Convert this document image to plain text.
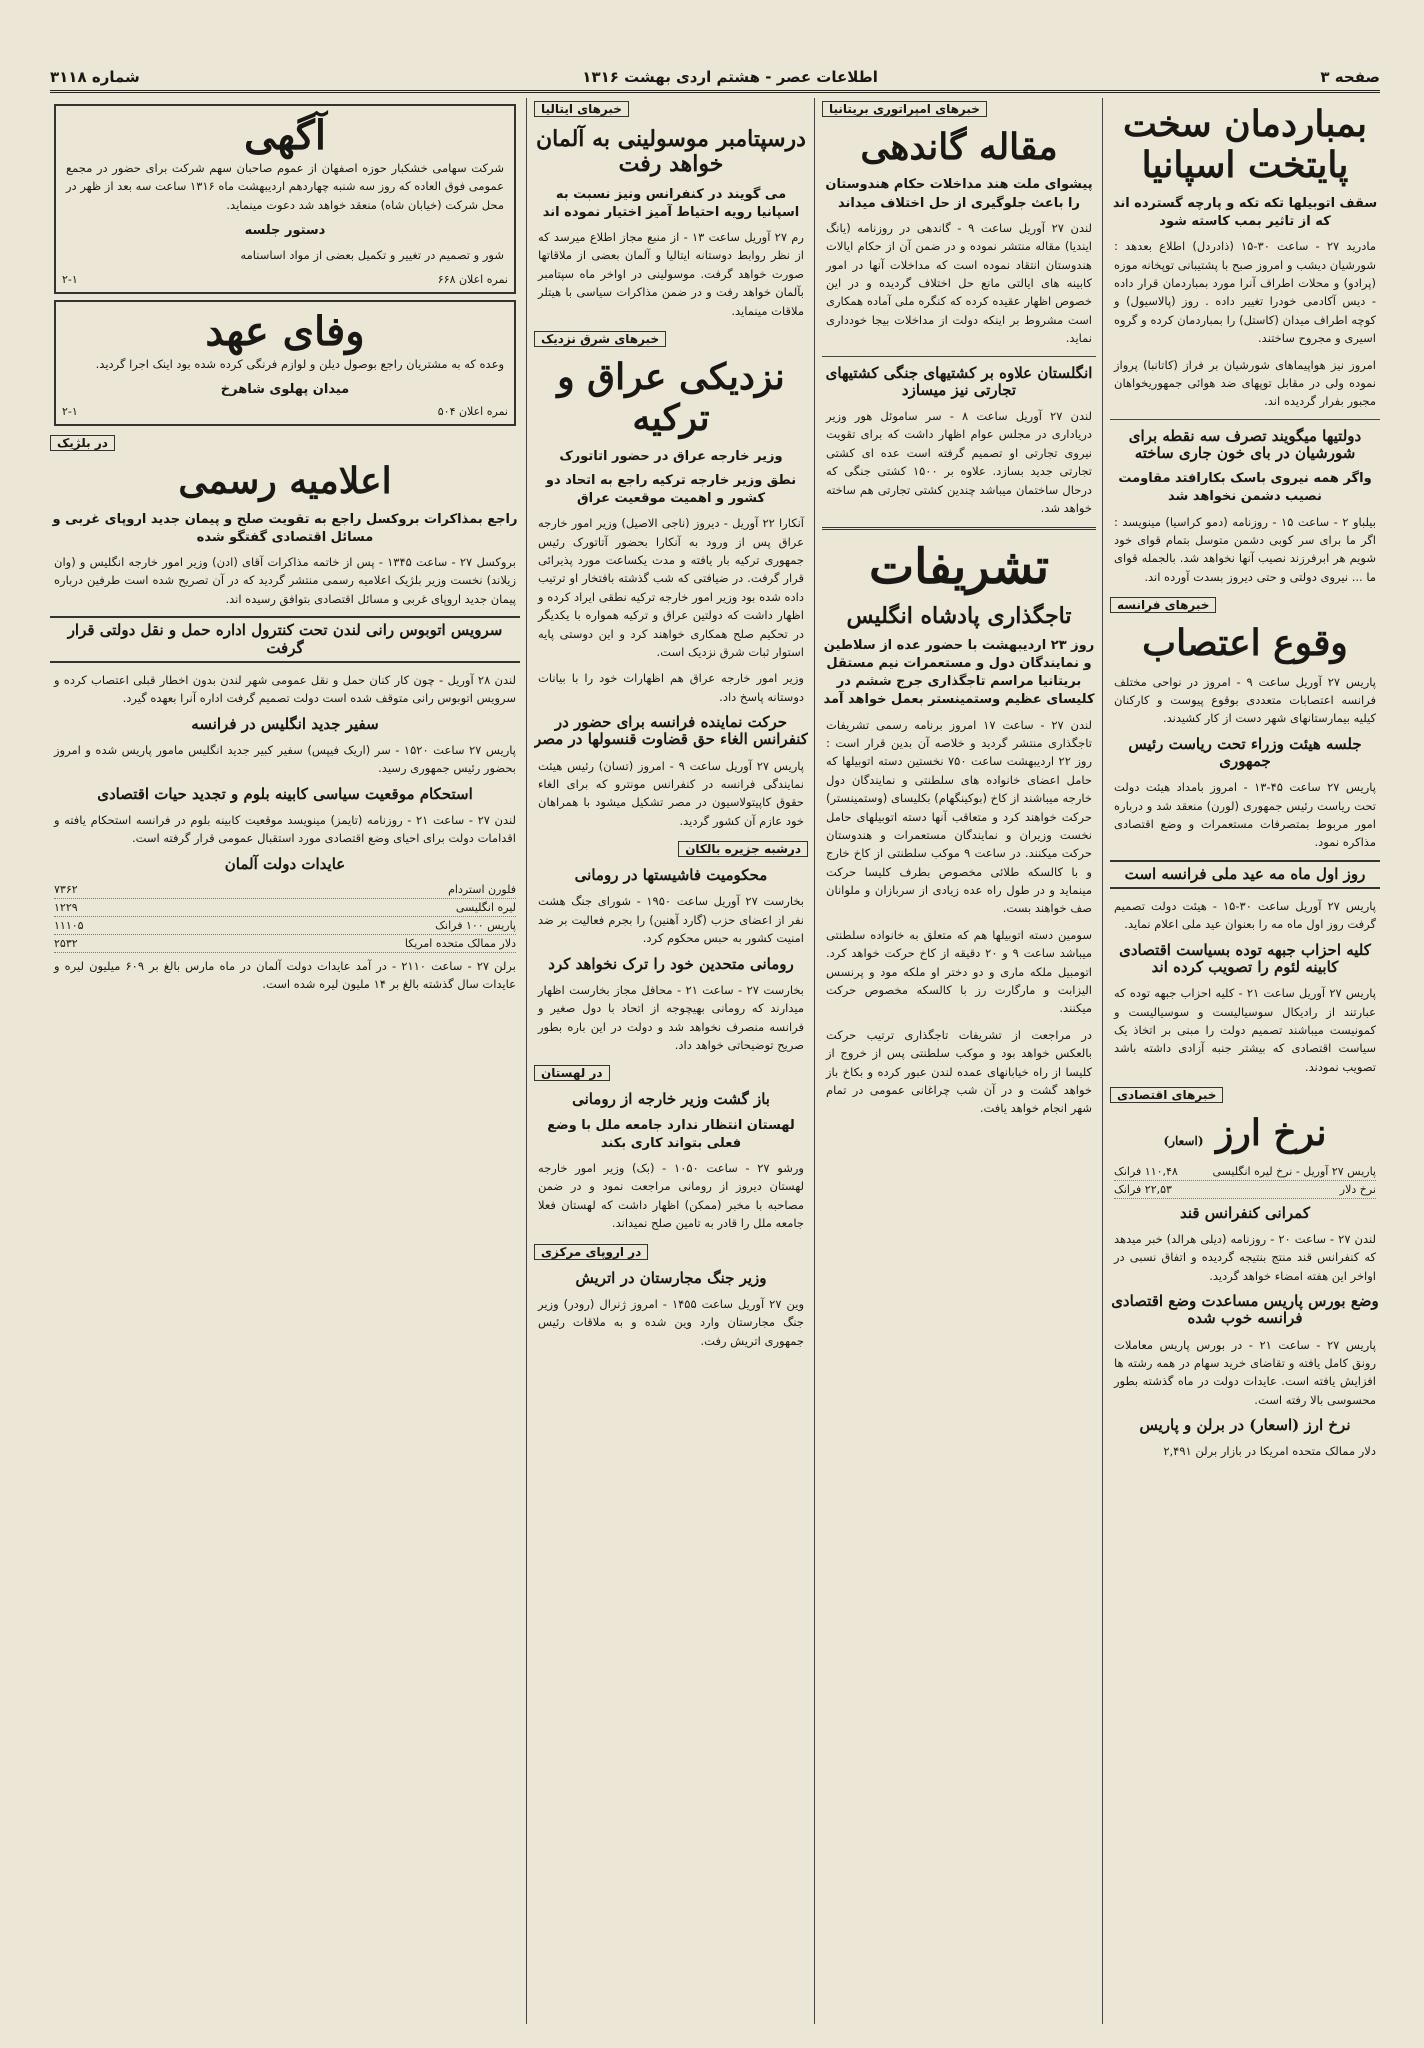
صفحه ۳
اطلاعات عصر - هشتم اردی بهشت ۱۳۱۶
شماره ۳۱۱۸
بمباردمان سخت پایتخت اسپانیا
سقف اتوبیلها تکه تکه و پارچه گسترده اند که از تاثیر بمب کاسته شود
مادرید ۲۷ - ساعت ۳۰-۱۵ (ذادردل) اطلاع بعدهد : شورشیان دیشب و امروز صبح با پشتیبانی توپخانه موزه (پرادو) و محلات اطراف آنرا مورد بمباردمان قرار داده - دیس آکادمی خودرا تغییر داده . روز (پالاسیول) و کوچه اطراف میدان (کاستل) را بمباردمان کرده و گروه اسیری و مجروح ساختند.
امروز نیز هواپیماهای شورشیان بر فراز (کاتانبا) پرواز نموده ولی در مقابل توپهای ضد هوائی جمهوریخواهان مجبور بفرار گردیده اند.
دولتیها میگویند تصرف سه نقطه برای شورشیان در بای خون جاری ساخته
واگر همه نیروی باسک بکارافتد مقاومت نصیب دشمن نخواهد شد
بیلباو ۲ - ساعت ۱۵ - روزنامه (دمو کراسیا) مینویسد : اگر ما برای سر کوبی دشمن متوسل بتمام قوای خود شویم هر ابرفرزند نصیب آنها نخواهد شد. بالجمله قوای ما ... نیروی دولتی و حتی دیروز بسدت آورده اند.
خبرهای فرانسه
وقوع اعتصاب
پاریس ۲۷ آوریل ساعت ۹ - امروز در نواحی مختلف فرانسه اعتصابات متعددی بوقوع پیوست و کارکنان کیلیه بیمارستانهای شهر دست از کار کشیدند.
جلسه هیئت وزراء تحت ریاست رئیس جمهوری
پاریس ۲۷ ساعت ۴۵-۱۳ - امروز بامداد هیئت دولت تحت ریاست رئیس جمهوری (لورن) منعقد شد و درباره امور مربوط بمتصرفات مستعمرات و وضع اقتصادی مذاکره نمود.
روز اول ماه مه عید ملی فرانسه است
پاریس ۲۷ آوریل ساعت ۳۰-۱۵ - هیئت دولت تصمیم گرفت روز اول ماه مه را بعنوان عید ملی اعلام نماید.
کلیه احزاب جبهه توده بسیاست اقتصادی کابینه لئوم را تصویب کرده اند
پاریس ۲۷ آوریل ساعت ۲۱ - کلیه احزاب جبهه توده که عبارتند از رادیکال سوسیالیست و سوسیالیست و کمونیست میباشند تصمیم دولت را مبنی بر اتخاذ یک سیاست اقتصادی که بیشتر جنبه آزادی داشته باشد تصویب نمودند.
خبرهای اقتصادی
نرخ ارز (اسعار)
پاریس ۲۷ آوریل - نرخ لیره انگلیسی
۱۱۰,۴۸ فرانک
نرخ دلار
۲۲,۵۳ فرانک
کمرانی کنفرانس قند
لندن ۲۷ - ساعت ۲۰ - روزنامه (دیلی هرالد) خبر میدهد که کنفرانس قند منتج بنتیجه گردیده و اتفاق نسبی در اواخر این هفته امضاء خواهد گردید.
وضع بورس پاریس مساعدت وضع اقتصادی فرانسه خوب شده
پاریس ۲۷ - ساعت ۲۱ - در بورس پاریس معاملات رونق کامل یافته و تقاضای خرید سهام در همه رشته ها افزایش یافته است. عایدات دولت در ماه گذشته بطور محسوسی بالا رفته است.
نرخ ارز (اسعار) در برلن و پاریس
دلار ممالک متحده امریکا در بازار برلن ۲,۴۹۱
خبرهای امپراتوری بریتانیا
مقاله گاندهی
پیشوای ملت هند مداخلات حکام هندوستان را باعث جلوگیری از حل اختلاف میداند
لندن ۲۷ آوریل ساعت ۹ - گاندهی در روزنامه (یانگ ایندیا) مقاله منتشر نموده و در ضمن آن از حکام ایالات هندوستان انتقاد نموده است که مداخلات آنها در امور کابینه های ایالتی مانع حل اختلاف گردیده و در این خصوص اظهار عقیده کرده که کنگره ملی آماده همکاری است مشروط بر اینکه دولت از مداخلات بیجا خودداری نماید.
انگلستان علاوه بر کشتیهای جنگی کشتیهای تجارتی نیز میسازد
لندن ۲۷ آوریل ساعت ۸ - سر ساموئل هور وزیر دریاداری در مجلس عوام اظهار داشت که برای تقویت نیروی تجارتی او تصمیم گرفته است عده ای کشتی تجارتی جدید بسازد. علاوه بر ۱۵۰۰ کشتی جنگی که درحال ساختمان میباشد چندین کشتی تجارتی هم ساخته خواهد شد.
تشریفات
تاجگذاری پادشاه انگلیس
روز ۲۳ اردیبهشت با حضور عده از سلاطین و نمایندگان دول و مستعمرات نیم مستقل بریتانیا مراسم تاجگذاری جرج ششم در کلیسای عظیم وستمینستر بعمل خواهد آمد
لندن ۲۷ - ساعت ۱۷ امروز برنامه رسمی تشریفات تاجگذاری منتشر گردید و خلاصه آن بدین قرار است : روز ۲۲ اردیبهشت ساعت ۷۵۰ نخستین دسته اتوبیلها که حامل اعضای خانواده های سلطنتی و نمایندگان دول خارجه میباشند از کاخ (بوکینگهام) بکلیسای (وستمینستر) حرکت خواهند کرد و متعاقب آنها دسته اتوبیلهای حامل نخست وزیران و نمایندگان مستعمرات و هندوستان حرکت میکنند. در ساعت ۹ موکب سلطنتی از کاخ خارج و با کالسکه طلائی مخصوص بطرف کلیسا حرکت مینماید و در طول راه عده زیادی از سربازان و ملوانان صف خواهند بست.
سومین دسته اتوبیلها هم که متعلق به خانواده سلطنتی میباشد ساعت ۹ و ۲۰ دقیقه از کاخ حرکت خواهد کرد. اتومبیل ملکه ماری و دو دختر او ملکه مود و پرنسس الیزابت و مارگارت رز با کالسکه مخصوص حرکت میکنند.
در مراجعت از تشریفات تاجگذاری ترتیب حرکت بالعکس خواهد بود و موکب سلطنتی پس از خروج از کلیسا از راه خیابانهای عمده لندن عبور کرده و بکاخ باز خواهد گشت و در آن شب چراغانی عمومی در تمام شهر انجام خواهد یافت.
خبرهای ایتالیا
درسپتامبر موسولینی به آلمان خواهد رفت
می گویند در کنفرانس ونیز نسبت به اسپانیا رویه احتیاط آمیز اختیار نموده اند
رم ۲۷ آوریل ساعت ۱۳ - از منبع مجاز اطلاع میرسد که از نظر روابط دوستانه ایتالیا و آلمان بعضی از ملاقاتها صورت خواهد گرفت. موسولینی در اواخر ماه سپتامبر بآلمان خواهد رفت و در ضمن مذاکرات سیاسی با هیتلر ملاقات مینماید.
خبرهای شرق نزدیک
نزدیکی عراق و ترکیه
وزیر خارجه عراق در حضور اتاتورک
نطق وزیر خارجه ترکیه راجع به اتحاد دو کشور و اهمیت موقعیت عراق
آنکارا ۲۲ آوریل - دیروز (ناجی الاصیل) وزیر امور خارجه عراق پس از ورود به آنکارا بحضور آتاتورک رئیس جمهوری ترکیه بار یافته و مدت یکساعت مورد پذیرائی قرار گرفت. در ضیافتی که شب گذشته بافتخار او ترتیب داده شده بود وزیر امور خارجه ترکیه نطقی ایراد کرده و اظهار داشت که دولتین عراق و ترکیه همواره با یکدیگر در تحکیم صلح همکاری خواهند کرد و این دوستی پایه استوار ثبات شرق نزدیک است.
وزیر امور خارجه عراق هم اظهارات خود را با بیانات دوستانه پاسخ داد.
حرکت نماینده فرانسه برای حضور در کنفرانس الغاء حق قضاوت قنسولها در مصر
پاریس ۲۷ آوریل ساعت ۹ - امروز (تسان) رئیس هیئت نمایندگی فرانسه در کنفرانس مونترو که برای الغاء حقوق کاپیتولاسیون در مصر تشکیل میشود با همراهان خود عازم آن کشور گردید.
درشبه جزیره بالکان
محکومیت فاشیستها در رومانی
بخارست ۲۷ آوریل ساعت ۱۹۵۰ - شورای جنگ هشت نفر از اعضای حزب (گارد آهنین) را بجرم فعالیت بر ضد امنیت کشور به حبس محکوم کرد.
رومانی متحدین خود را ترک نخواهد کرد
بخارست ۲۷ - ساعت ۲۱ - محافل مجاز بخارست اظهار میدارند که رومانی بهیچوجه از اتحاد با دول صغیر و فرانسه منصرف نخواهد شد و دولت در این باره بطور صریح توضیحاتی خواهد داد.
در لهستان
باز گشت وزیر خارجه از رومانی
لهستان انتظار ندارد جامعه ملل با وضع فعلی بتواند کاری بکند
ورشو ۲۷ - ساعت ۱۰۵۰ - (بک) وزیر امور خارجه لهستان دیروز از رومانی مراجعت نمود و در ضمن مصاحبه با مخبر (ممکن) اظهار داشت که لهستان فعلا جامعه ملل را قادر به تامین صلح نمیداند.
در اروپای مرکزی
وزیر جنگ مجارستان در اتریش
وین ۲۷ آوریل ساعت ۱۴۵۵ - امروز ژنرال (رودر) وزیر جنگ مجارستان وارد وین شده و به ملاقات رئیس جمهوری اتریش رفت.
آگهی
شرکت سهامی خشکبار حوزه اصفهان از عموم صاحبان سهم شرکت برای حضور در مجمع عمومی فوق العاده که روز سه شنبه چهاردهم اردیبهشت ماه ۱۳۱۶ ساعت سه بعد از ظهر در محل شرکت (خیابان شاه) منعقد خواهد شد دعوت مینماید.
دستور جلسه
شور و تصمیم در تغییر و تکمیل بعضی از مواد اساسنامه
نمره اعلان ۶۶۸
۲-۱
وفای عهد
وعده که به مشتریان راجع بوصول دیلن و لوازم فرنگی کرده شده بود اینک اجرا گردید.
میدان پهلوی شاهرخ
نمره اعلان ۵۰۴
۲-۱
در بلژیک
اعلامیه رسمی
راجع بمذاکرات بروکسل راجع به تقویت صلح و پیمان جدید اروپای غربی و مسائل اقتصادی گفتگو شده
بروکسل ۲۷ - ساعت ۱۳۴۵ - پس از خاتمه مذاکرات آقای (ادن) وزیر امور خارجه انگلیس و (وان زیلاند) نخست وزیر بلژیک اعلامیه رسمی منتشر گردید که در آن تصریح شده است طرفین درباره پیمان جدید اروپای غربی و مسائل اقتصادی بتوافق رسیده اند.
سرویس اتوبوس رانی لندن تحت کنترول اداره حمل و نقل دولتی قرار گرفت
لندن ۲۸ آوریل - چون کار کنان حمل و نقل عمومی شهر لندن بدون اخطار قبلی اعتصاب کرده و سرویس اتوبوس رانی متوقف شده است دولت تصمیم گرفت اداره آنرا بعهده گیرد.
سفیر جدید انگلیس در فرانسه
پاریس ۲۷ ساعت ۱۵۲۰ - سر (اریک فیپس) سفیر کبیر جدید انگلیس مامور پاریس شده و امروز بحضور رئیس جمهوری رسید.
استحکام موقعیت سیاسی کابینه بلوم و تجدید حیات اقتصادی
لندن ۲۷ - ساعت ۲۱ - روزنامه (تایمز) مینویسد موقعیت کابینه بلوم در فرانسه استحکام یافته و اقدامات دولت برای احیای وضع اقتصادی مورد استقبال عمومی قرار گرفته است.
عایدات دولت آلمان
فلورن استردام
۷۳۶۲
لیره انگلیسی
۱۲۲۹
پاریس ۱۰۰ فرانک
۱۱۱۰۵
دلار ممالک متحده امریکا
۲۵۳۲
برلن ۲۷ - ساعت ۲۱۱۰ - در آمد عایدات دولت آلمان در ماه مارس بالغ بر ۶۰۹ میلیون لیره و عایدات سال گذشته بالغ بر ۱۴ ملیون لیره شده است.
